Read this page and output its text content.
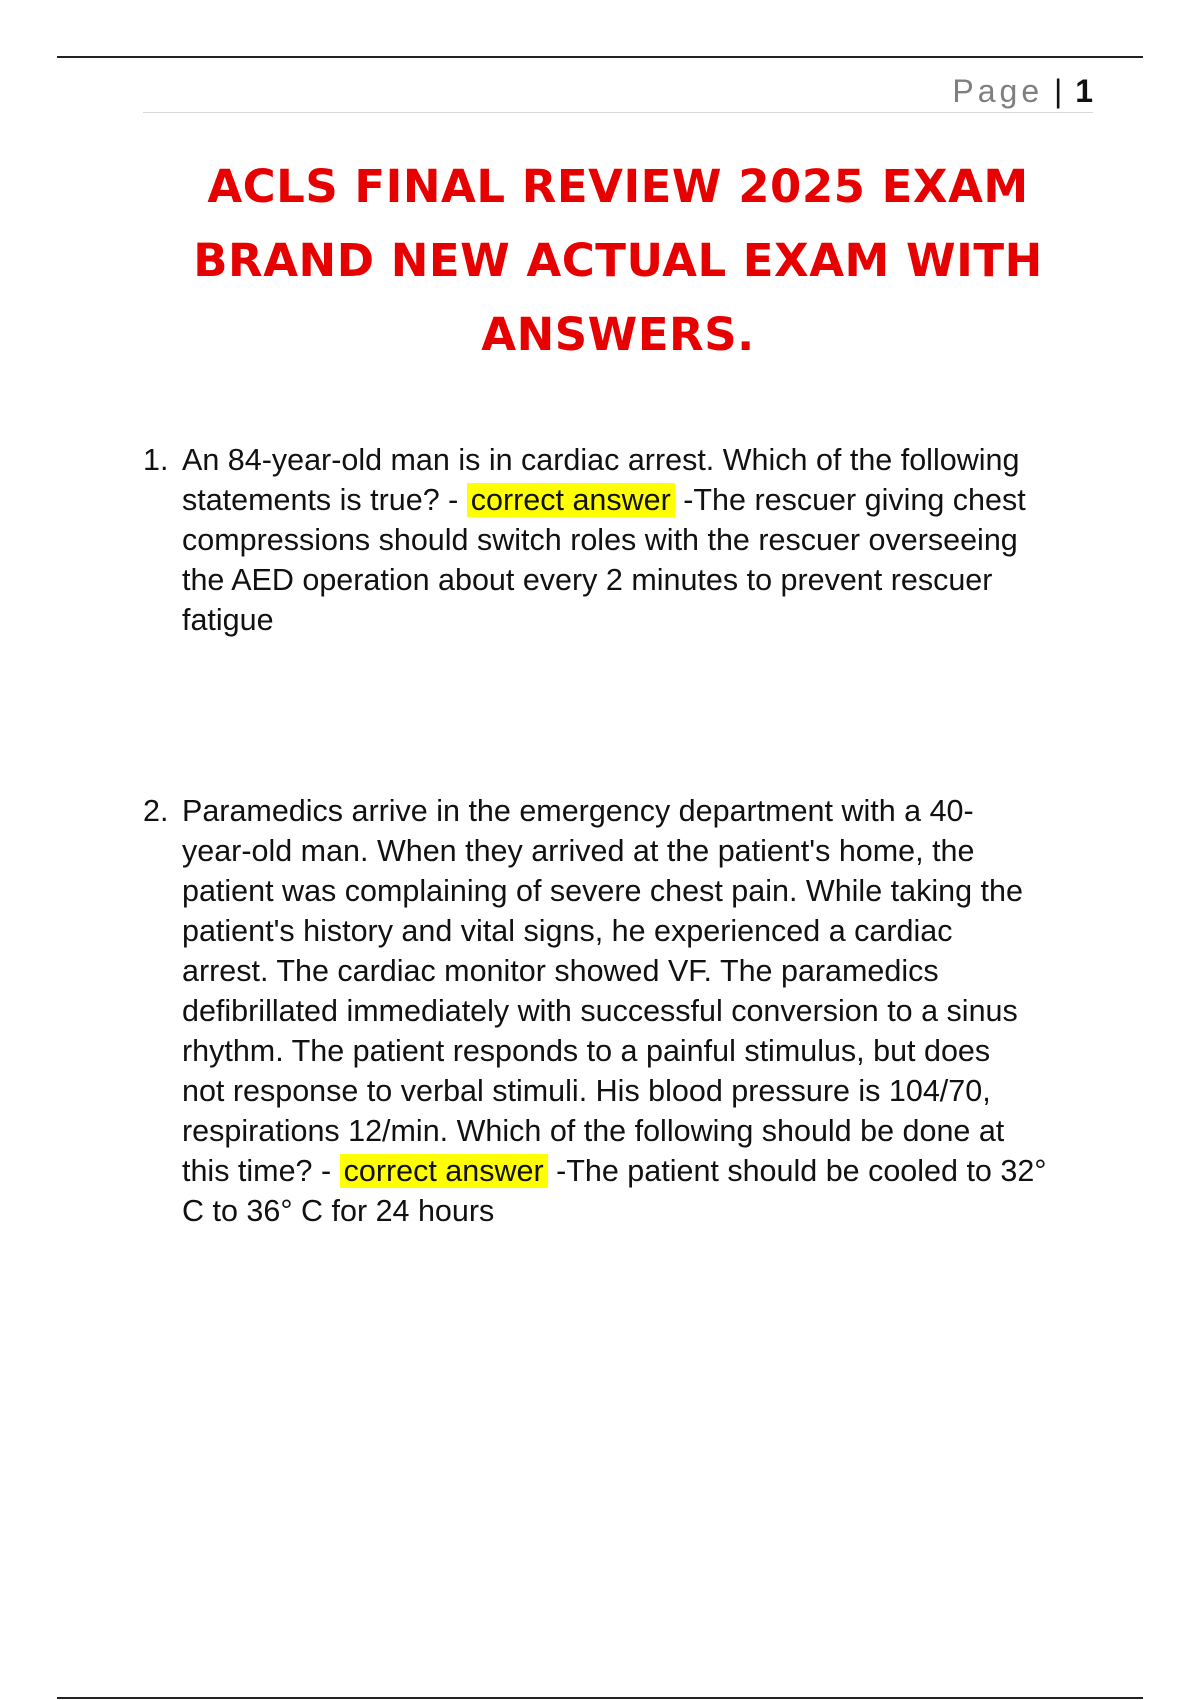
Page | 1
ACLS FINAL REVIEW 2025 EXAM
BRAND NEW ACTUAL EXAM WITH
ANSWERS.
1. An 84-year-old man is in cardiac arrest. Which of the following
statements is true? - correct answer -The rescuer giving chest
compressions should switch roles with the rescuer overseeing
the AED operation about every 2 minutes to prevent rescuer
fatigue
2. Paramedics arrive in the emergency department with a 40-
year-old man. When they arrived at the patient's home, the
patient was complaining of severe chest pain. While taking the
patient's history and vital signs, he experienced a cardiac
arrest. The cardiac monitor showed VF. The paramedics
defibrillated immediately with successful conversion to a sinus
rhythm. The patient responds to a painful stimulus, but does
not response to verbal stimuli. His blood pressure is 104/70,
respirations 12/min. Which of the following should be done at
this time? - correct answer -The patient should be cooled to 32°
C to 36° C for 24 hours
